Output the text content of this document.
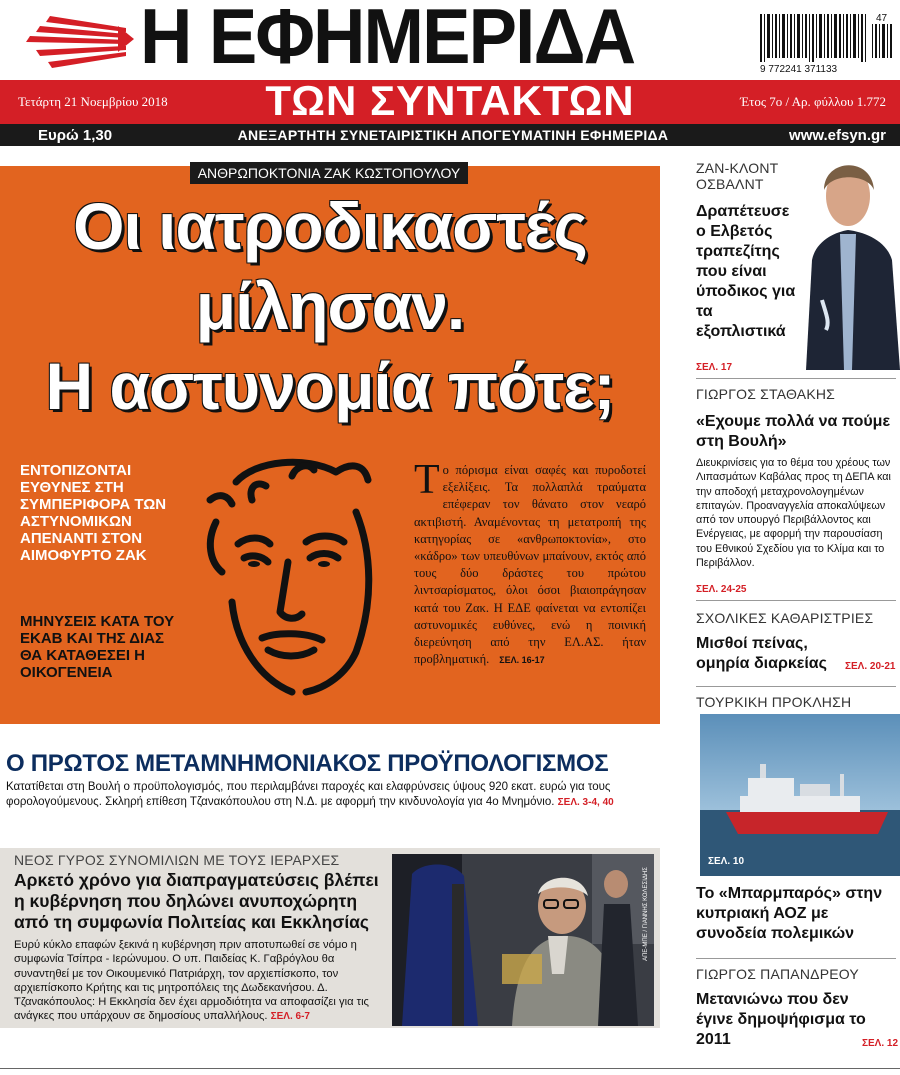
Η ΕΦΗΜΕΡΙΔΑ	9 772241 371133
47
Τετάρτη 21 Νοεμβρίου 2018	ΤΩΝ ΣΥΝΤΑΚΤΩΝ	Έτος 7ο / Αρ. φύλλου 1.772
Ευρώ 1,30	ΑΝΕΞΑΡΤΗΤΗ ΣΥΝΕΤΑΙΡΙΣΤΙΚΗ ΑΠΟΓΕΥΜΑΤΙΝΗ ΕΦΗΜΕΡΙΔΑ	www.efsyn.gr
ΑΝΘΡΩΠΟΚΤΟΝΙΑ ΖΑΚ ΚΩΣΤΟΠΟΥΛΟΥ
Οι ιατροδικαστές
μίλησαν.
Η αστυνομία πότε;
ΕΝΤΟΠΙΖΟΝΤΑΙ ΕΥΘΥΝΕΣ ΣΤΗ ΣΥΜΠΕΡΙΦΟΡΑ ΤΩΝ ΑΣΤΥΝΟΜΙΚΩΝ ΑΠΕΝΑΝΤΙ ΣΤΟΝ ΑΙΜΟΦΥΡΤΟ ΖΑΚ
ΜΗΝΥΣΕΙΣ ΚΑΤΑ ΤΟΥ ΕΚΑΒ ΚΑΙ ΤΗΣ ΔΙΑΣ ΘΑ ΚΑΤΑΘΕΣΕΙ Η ΟΙΚΟΓΕΝΕΙΑ
Το πόρισμα είναι σαφές και πυροδοτεί εξελίξεις. Τα πολλαπλά τραύματα επέφεραν τον θάνατο στον νεαρό ακτιβιστή. Αναμένοντας τη μετατροπή της κατηγορίας σε «ανθρωποκτονία», στο «κάδρο» των υπευθύνων μπαίνουν, εκτός από τους δύο δράστες του πρώτου λιντσαρίσματος, όλοι όσοι βιαιοπράγησαν κατά του Ζακ. Η ΕΔΕ φαίνεται να εντοπίζει αστυνομικές ευθύνες, ενώ η ποινική διερεύνηση από την ΕΛ.ΑΣ. ήταν προβληματική. ΣΕΛ. 16-17
Ο ΠΡΩΤΟΣ ΜΕΤΑΜΝΗΜΟΝΙΑΚΟΣ ΠΡΟΫΠΟΛΟΓΙΣΜΟΣ
Κατατίθεται στη Βουλή ο προϋπολογισμός, που περιλαμβάνει παροχές και ελαφρύνσεις ύψους 920 εκατ. ευρώ για τους φορολογούμενους. Σκληρή επίθεση Τζανακόπουλου στη Ν.Δ. με αφορμή την κινδυνολογία για 4ο Μνημόνιο. ΣΕΛ. 3-4, 40
ΝΕΟΣ ΓΥΡΟΣ ΣΥΝΟΜΙΛΙΩΝ ΜΕ ΤΟΥΣ ΙΕΡΑΡΧΕΣ
Αρκετό χρόνο για διαπραγματεύσεις βλέπει η κυβέρνηση που δηλώνει ανυποχώρητη από τη συμφωνία Πολιτείας και Εκκλησίας
Ευρύ κύκλο επαφών ξεκινά η κυβέρνηση πριν αποτυπωθεί σε νόμο η συμφωνία Τσίπρα - Ιερώνυμου. Ο υπ. Παιδείας Κ. Γαβρόγλου θα συναντηθεί με τον Οικουμενικό Πατριάρχη, τον αρχιεπίσκοπο, τον αρχιεπίσκοπο Κρήτης και τις μητροπόλεις της Δωδεκανήσου. Δ. Τζανακόπουλος: Η Εκκλησία δεν έχει αρμοδιότητα να αποφασίζει για τις ανάγκες που υπάρχουν σε δημοσίους υπαλλήλους. ΣΕΛ. 6-7
ΑΠΕ-ΜΠΕ / ΓΙΑΝΝΗΣ ΚΟΛΕΣΙΔΗΣ
ΖΑΝ-ΚΛΟΝΤ ΟΣΒΑΛΝΤ
Δραπέτευσε ο Ελβετός τραπεζίτης που είναι ύποδικος για τα εξοπλιστικά
ΣΕΛ. 17
ΓΙΩΡΓΟΣ ΣΤΑΘΑΚΗΣ
«Εχουμε πολλά να πούμε στη Βουλή»
Διευκρινίσεις για το θέμα του χρέους των Λιπασμάτων Καβάλας προς τη ΔΕΠΑ και την αποδοχή μεταχρονολογημένων επιταγών. Προαναγγελία αποκαλύψεων από τον υπουργό Περιβάλλοντος και Ενέργειας, με αφορμή την παρουσίαση του Εθνικού Σχεδίου για το Κλίμα και το Περιβάλλον.
ΣΕΛ. 24-25
ΣΧΟΛΙΚΕΣ ΚΑΘΑΡΙΣΤΡΙΕΣ
Μισθοί πείνας, ομηρία διαρκείας	ΣΕΛ. 20-21
ΤΟΥΡΚΙΚΗ ΠΡΟΚΛΗΣΗ
ΣΕΛ. 10
Το «Μπαρμπαρός» στην κυπριακή ΑΟΖ με συνοδεία πολεμικών
ΓΙΩΡΓΟΣ ΠΑΠΑΝΔΡΕΟΥ
Μετανιώνω που δεν έγινε δημοψήφισμα το 2011	ΣΕΛ. 12
